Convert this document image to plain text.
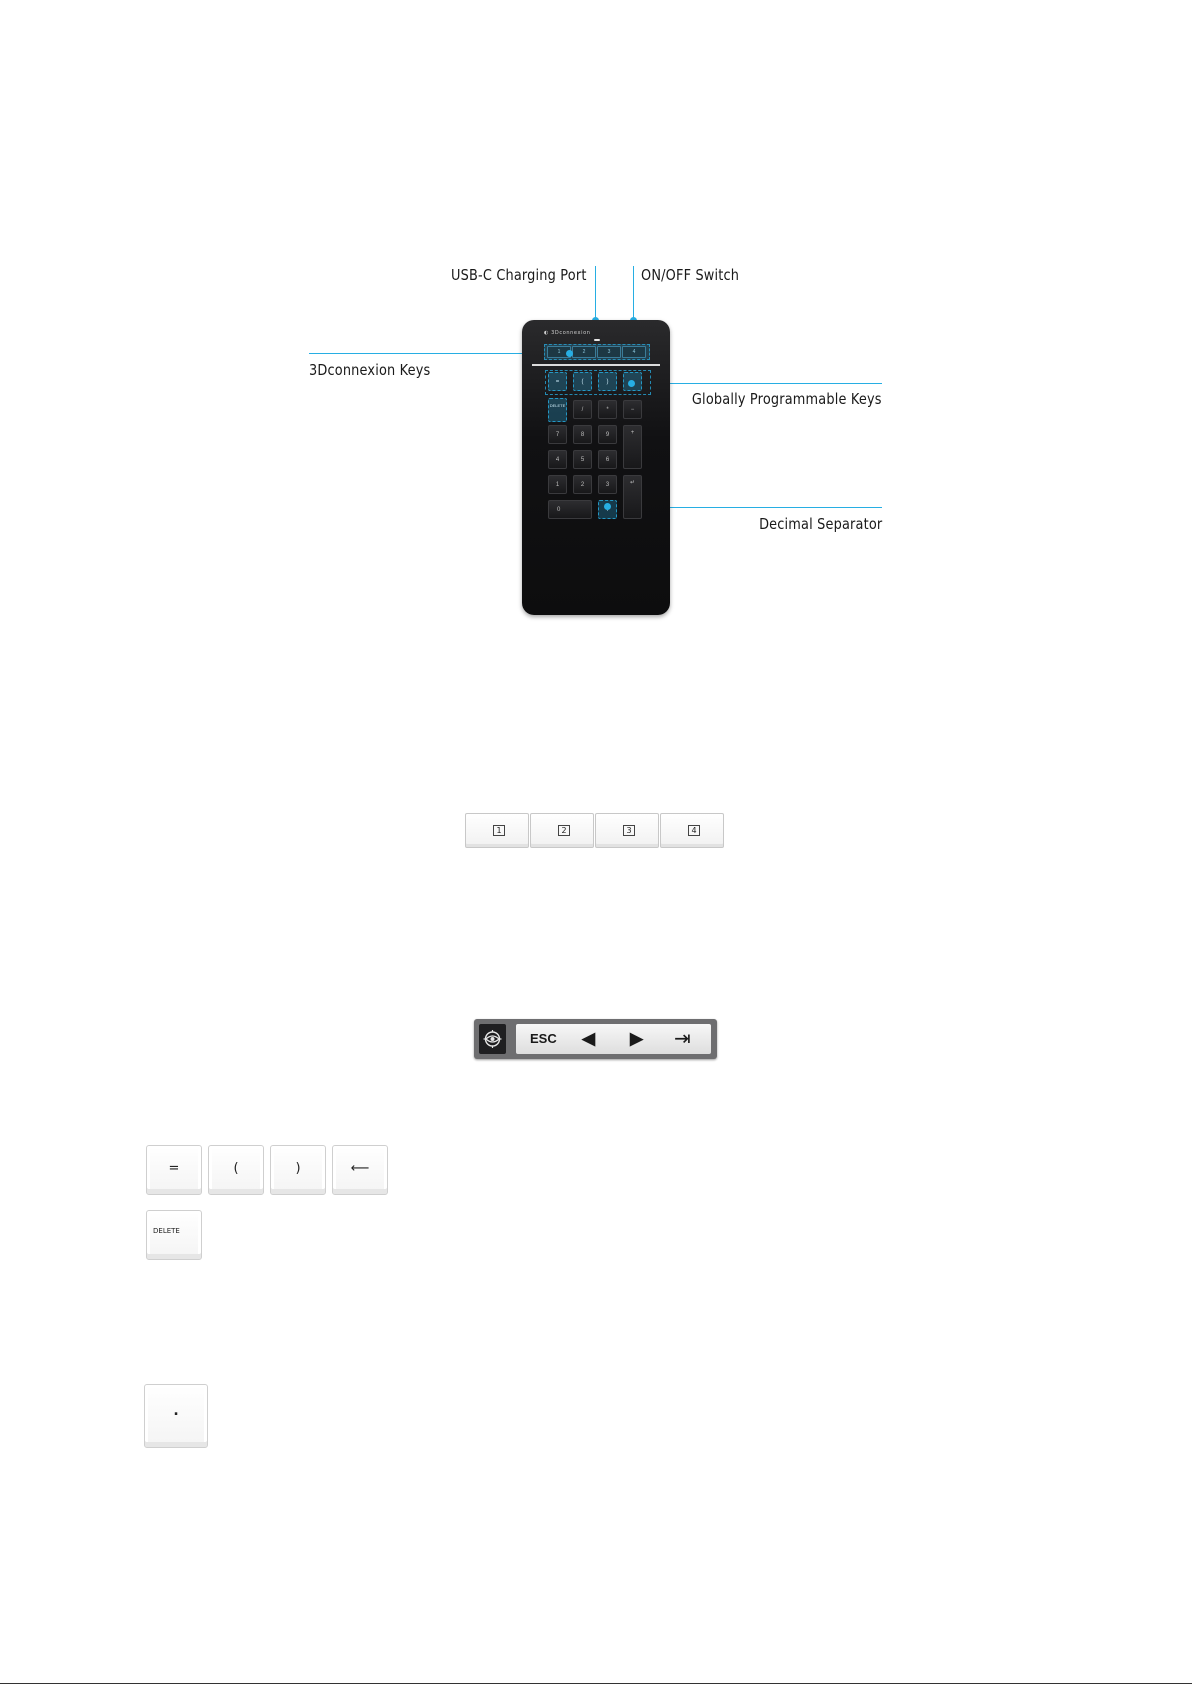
USB-C Charging Port	ON/OFF Switch
3Dconnexion Keys
Globally Programmable Keys
Decimal Separator
◐ 3Dconnexion
1	2	3	4
=	(	)
DELETE
/	*	−
7	8	9	+
4	5	6
1	2	3	↵
0	.
1	2	3	4
ESC ◀ ▶ ⇥
=	(	)	⟵
DELETE
.
